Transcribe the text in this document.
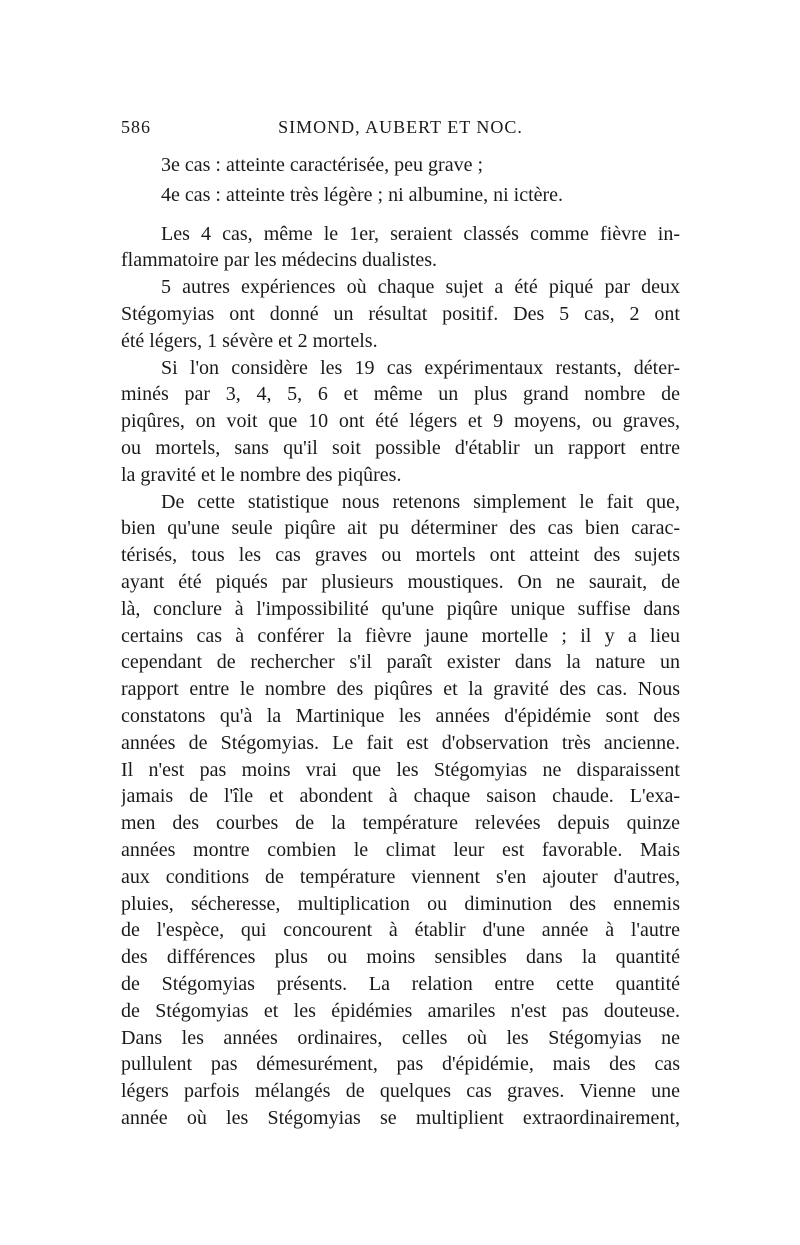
586	SIMOND, AUBERT ET NOC.
3e cas : atteinte caractérisée, peu grave ;
4e cas : atteinte très légère ; ni albumine, ni ictère.
Les 4 cas, même le 1er, seraient classés comme fièvre in-
flammatoire par les médecins dualistes.
5 autres expériences où chaque sujet a été piqué par deux
Stégomyias ont donné un résultat positif. Des 5 cas, 2 ont
été légers, 1 sévère et 2 mortels.
Si l'on considère les 19 cas expérimentaux restants, déter-
minés par 3, 4, 5, 6 et même un plus grand nombre de
piqûres, on voit que 10 ont été légers et 9 moyens, ou graves,
ou mortels, sans qu'il soit possible d'établir un rapport entre
la gravité et le nombre des piqûres.
De cette statistique nous retenons simplement le fait que,
bien qu'une seule piqûre ait pu déterminer des cas bien carac-
térisés, tous les cas graves ou mortels ont atteint des sujets
ayant été piqués par plusieurs moustiques. On ne saurait, de
là, conclure à l'impossibilité qu'une piqûre unique suffise dans
certains cas à conférer la fièvre jaune mortelle ; il y a lieu
cependant de rechercher s'il paraît exister dans la nature un
rapport entre le nombre des piqûres et la gravité des cas. Nous
constatons qu'à la Martinique les années d'épidémie sont des
années de Stégomyias. Le fait est d'observation très ancienne.
Il n'est pas moins vrai que les Stégomyias ne disparaissent
jamais de l'île et abondent à chaque saison chaude. L'exa-
men des courbes de la température relevées depuis quinze
années montre combien le climat leur est favorable. Mais
aux conditions de température viennent s'en ajouter d'autres,
pluies, sécheresse, multiplication ou diminution des ennemis
de l'espèce, qui concourent à établir d'une année à l'autre
des différences plus ou moins sensibles dans la quantité
de Stégomyias présents. La relation entre cette quantité
de Stégomyias et les épidémies amariles n'est pas douteuse.
Dans les années ordinaires, celles où les Stégomyias ne
pullulent pas démesurément, pas d'épidémie, mais des cas
légers parfois mélangés de quelques cas graves. Vienne une
année où les Stégomyias se multiplient extraordinairement,
